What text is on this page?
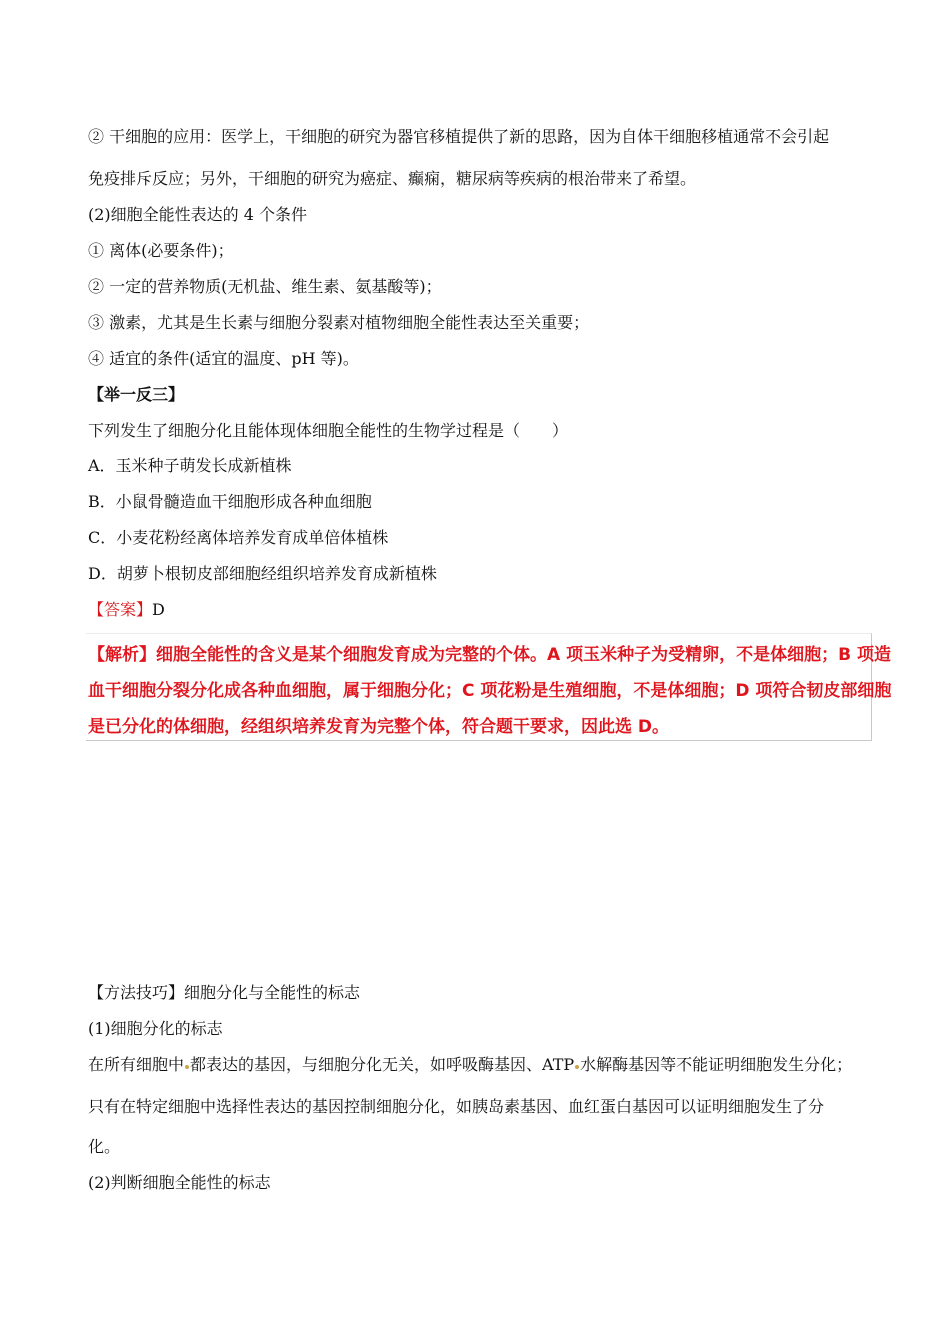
② 干细胞的应用：医学上，干细胞的研究为器官移植提供了新的思路，因为自体干细胞移植通常不会引起
免疫排斥反应；另外，干细胞的研究为癌症、癫痫，糖尿病等疾病的根治带来了希望。
(2)细胞全能性表达的 4 个条件
① 离体(必要条件)；
② 一定的营养物质(无机盐、维生素、氨基酸等)；
③ 激素，尤其是生长素与细胞分裂素对植物细胞全能性表达至关重要；
④ 适宜的条件(适宜的温度、pH 等)。
【举一反三】
下列发生了细胞分化且能体现体细胞全能性的生物学过程是（　　）
A．玉米种子萌发长成新植株
B．小鼠骨髓造血干细胞形成各种血细胞
C．小麦花粉经离体培养发育成单倍体植株
D．胡萝卜根韧皮部细胞经组织培养发育成新植株
【答案】D
【解析】细胞全能性的含义是某个细胞发育成为完整的个体。A 项玉米种子为受精卵，不是体细胞；B 项造
血干细胞分裂分化成各种血细胞，属于细胞分化；C 项花粉是生殖细胞，不是体细胞；D 项符合韧皮部细胞
是已分化的体细胞，经组织培养发育为完整个体，符合题干要求，因此选 D。
【方法技巧】细胞分化与全能性的标志
(1)细胞分化的标志
在所有细胞中 都表达的基因，与细胞分化无关，如呼吸酶基因、ATP 水解酶基因等不能证明细胞发生分化；
只有在特定细胞中选择性表达的基因控制细胞分化，如胰岛素基因、血红蛋白基因可以证明细胞发生了分
化。
(2)判断细胞全能性的标志
